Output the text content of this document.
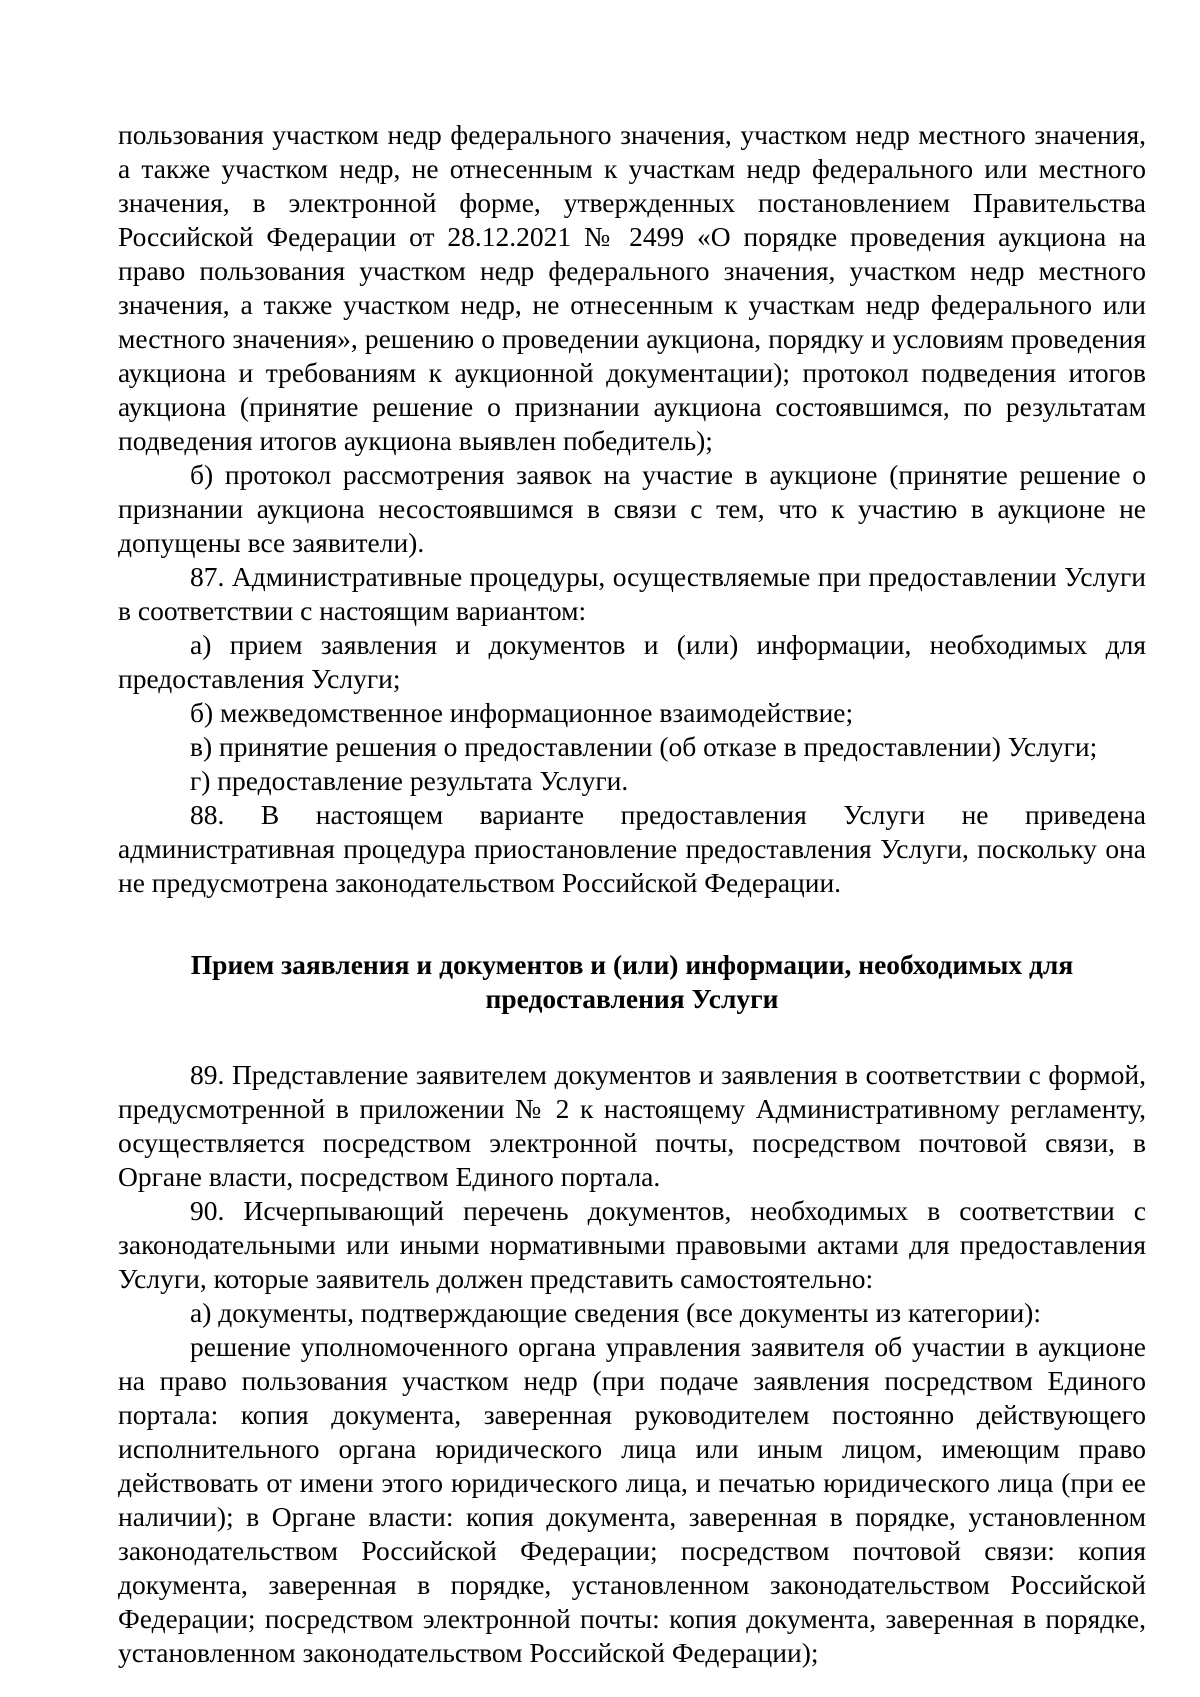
пользования участком недр федерального значения, участком недр местного значения, а также участком недр, не отнесенным к участкам недр федерального или местного значения, в электронной форме, утвержденных постановлением Правительства Российской Федерации от 28.12.2021 № 2499 «О порядке проведения аукциона на право пользования участком недр федерального значения, участком недр местного значения, а также участком недр, не отнесенным к участкам недр федерального или местного значения», решению о проведении аукциона, порядку и условиям проведения аукциона и требованиям к аукционной документации); протокол подведения итогов аукциона (принятие решение о признании аукциона состоявшимся, по результатам подведения итогов аукциона выявлен победитель);

б) протокол рассмотрения заявок на участие в аукционе (принятие решение о признании аукциона несостоявшимся в связи с тем, что к участию в аукционе не допущены все заявители).

87. Административные процедуры, осуществляемые при предоставлении Услуги в соответствии с настоящим вариантом:

а) прием заявления и документов и (или) информации, необходимых для предоставления Услуги;

б) межведомственное информационное взаимодействие;

в) принятие решения о предоставлении (об отказе в предоставлении) Услуги;

г) предоставление результата Услуги.

88. В настоящем варианте предоставления Услуги не приведена административная процедура приостановление предоставления Услуги, поскольку она не предусмотрена законодательством Российской Федерации.

Прием заявления и документов и (или) информации, необходимых для
предоставления Услуги

89. Представление заявителем документов и заявления в соответствии с формой, предусмотренной в приложении № 2 к настоящему Административному регламенту, осуществляется посредством электронной почты, посредством почтовой связи, в Органе власти, посредством Единого портала.

90. Исчерпывающий перечень документов, необходимых в соответствии с законодательными или иными нормативными правовыми актами для предоставления Услуги, которые заявитель должен представить самостоятельно:

а) документы, подтверждающие сведения (все документы из категории):

решение уполномоченного органа управления заявителя об участии в аукционе на право пользования участком недр (при подаче заявления посредством Единого портала: копия документа, заверенная руководителем постоянно действующего исполнительного органа юридического лица или иным лицом, имеющим право действовать от имени этого юридического лица, и печатью юридического лица (при ее наличии); в Органе власти: копия документа, заверенная в порядке, установленном законодательством Российской Федерации; посредством почтовой связи: копия документа, заверенная в порядке, установленном законодательством Российской Федерации; посредством электронной почты: копия документа, заверенная в порядке, установленном законодательством Российской Федерации);
